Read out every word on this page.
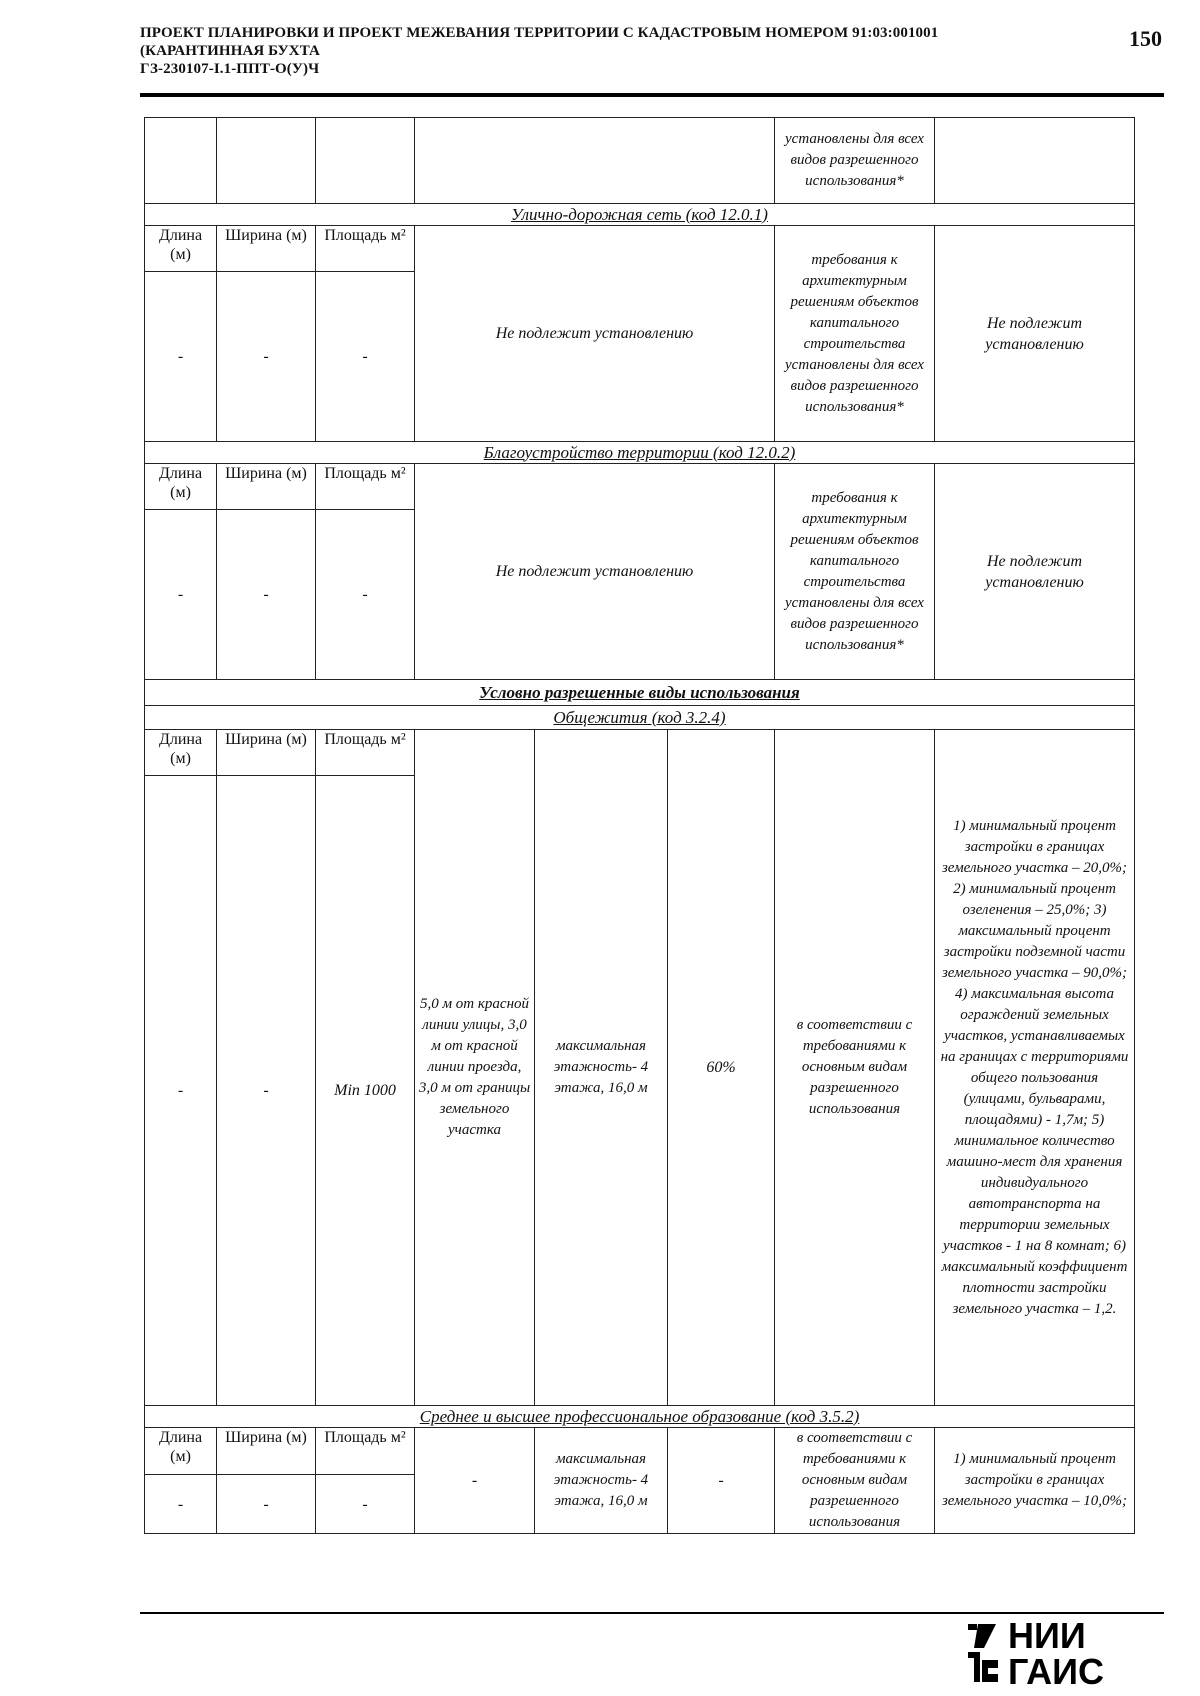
ПРОЕКТ ПЛАНИРОВКИ И ПРОЕКТ МЕЖЕВАНИЯ ТЕРРИТОРИИ С КАДАСТРОВЫМ НОМЕРОМ 91:03:001001
(КАРАНТИННАЯ БУХТА
ГЗ-230107-I.1-ППТ-О(У)Ч
150
						установлены для всех видов разрешенного использования*	
Улично-дорожная сеть (код 12.0.1)							
Длина (м)	Ширина (м)	Площадь м²	Не подлежит установлению			требования к архитектурным решениям объектов капитального строительства установлены для всех видов разрешенного использования*	Не подлежит установлению
-	-	-					
Благоустройство территории (код 12.0.2)							
Длина (м)	Ширина (м)	Площадь м²	Не подлежит установлению			требования к архитектурным решениям объектов капитального строительства установлены для всех видов разрешенного использования*	Не подлежит установлению
-	-	-					
Условно разрешенные виды использования							
Общежития (код 3.2.4)							
Длина (м)	Ширина (м)	Площадь м²	5,0 м от красной линии улицы, 3,0 м от красной линии проезда, 3,0 м от границы земельного участка	максимальная этажность- 4 этажа, 16,0 м	60%	в соответствии с требованиями к основным видам разрешенного использования	1) минимальный процент застройки в границах земельного участка – 20,0%; 2) минимальный процент озеленения – 25,0%; 3) максимальный процент застройки подземной части земельного участка – 90,0%; 4) максимальная высота ограждений земельных участков, устанавливаемых на границах с территориями общего пользования (улицами, бульварами, площадями) - 1,7м; 5) минимальное количество машино-мест для хранения индивидуального автотранспорта на территории земельных участков - 1 на 8 комнат; 6) максимальный коэффициент плотности застройки земельного участка – 1,2.
-	-	Min 1000					
Среднее и высшее профессиональное образование (код 3.5.2)							
Длина (м)	Ширина (м)	Площадь м²	-	максимальная этажность- 4 этажа, 16,0 м	-	в соответствии с требованиями к основным видам разрешенного использования	1) минимальный процент застройки в границах земельного участка – 10,0%;
-	-	-					
НИИ
ГАИС
